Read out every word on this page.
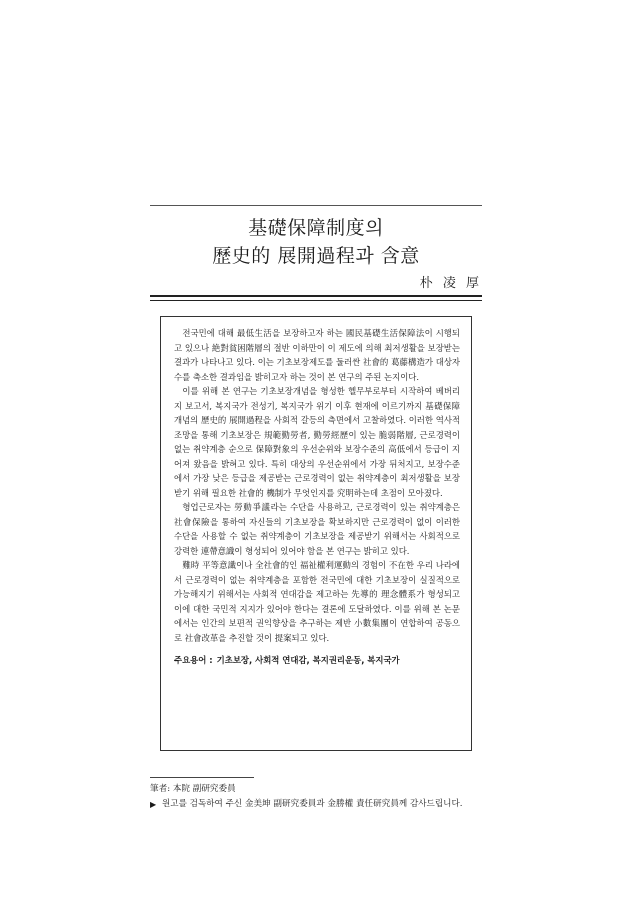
基礎保障制度의
歷史的 展開過程과 含意
朴 凌 厚

전국민에 대해 最低生活을 보장하고자 하는 國民基礎生活保障法이 시행되고 있으나 絶對貧困階層의 절반 이하만이 이 제도에 의해 최저생활을 보장받는 결과가 나타나고 있다. 이는 기초보장제도를 둘러싼 社會的 葛藤構造가 대상자수를 축소한 결과임을 밝히고자 하는 것이 본 연구의 주된 논지이다.

이를 위해 본 연구는 기초보장개념을 형성한 헬무부로부터 시작하여 베버리지 보고서, 복지국가 전성기, 복지국가 위기 이후 현재에 이르기까지 基礎保障 개념의 歷史的 展開過程을 사회적 갈등의 측면에서 고찰하였다. 이러한 역사적 조망을 통해 기초보장은 規範勤勞者, 勤勞經歷이 있는 脆弱階層, 근로경력이 없는 취약계층 순으로 保障對象의 우선순위와 보장수준의 高低에서 등급이 지어져 왔음을 밝혀고 있다. 특히 대상의 우선순위에서 가장 뒤처지고, 보장수준에서 가장 낮은 등급을 제공받는 근로경력이 없는 취약계층이 최저생활을 보장받기 위해 필요한 社會的 機制가 무엇인지를 究明하는데 초점이 모아졌다.

형업근로자는 勞動爭議라는 수단을 사용하고, 근로경력이 있는 취약계층은 社會保險을 통하여 자신들의 기초보장을 확보하지만 근로경력이 없이 이러한 수단을 사용할 수 없는 취약계층이 기초보장을 제공받기 위해서는 사회적으로 강력한 連帶意識이 형성되어 있어야 함을 본 연구는 밝히고 있다.

難時 平等意識이나 全社會的인 福祉權利運動의 경험이 不在한 우리 나라에서 근로경력이 없는 취약계층을 포함한 전국민에 대한 기초보장이 실질적으로 가능해지기 위해서는 사회적 연대감을 제고하는 先導的 理念體系가 형성되고 이에 대한 국민적 지지가 있어야 한다는 결론에 도달하였다. 이를 위해 본 논문에서는 인간의 보편적 권익향상을 추구하는 제반 小數集團이 연합하여 공동으로 社會改革을 추진할 것이 提案되고 있다.

주요용어 : 기초보장, 사회적 연대감, 복지권리운동, 복지국가
筆者: 本院 副研究委員
▶ 원고를 검독하여 주신 金美坤 副研究委員과 金勝權 責任研究員께 감사드립니다.
